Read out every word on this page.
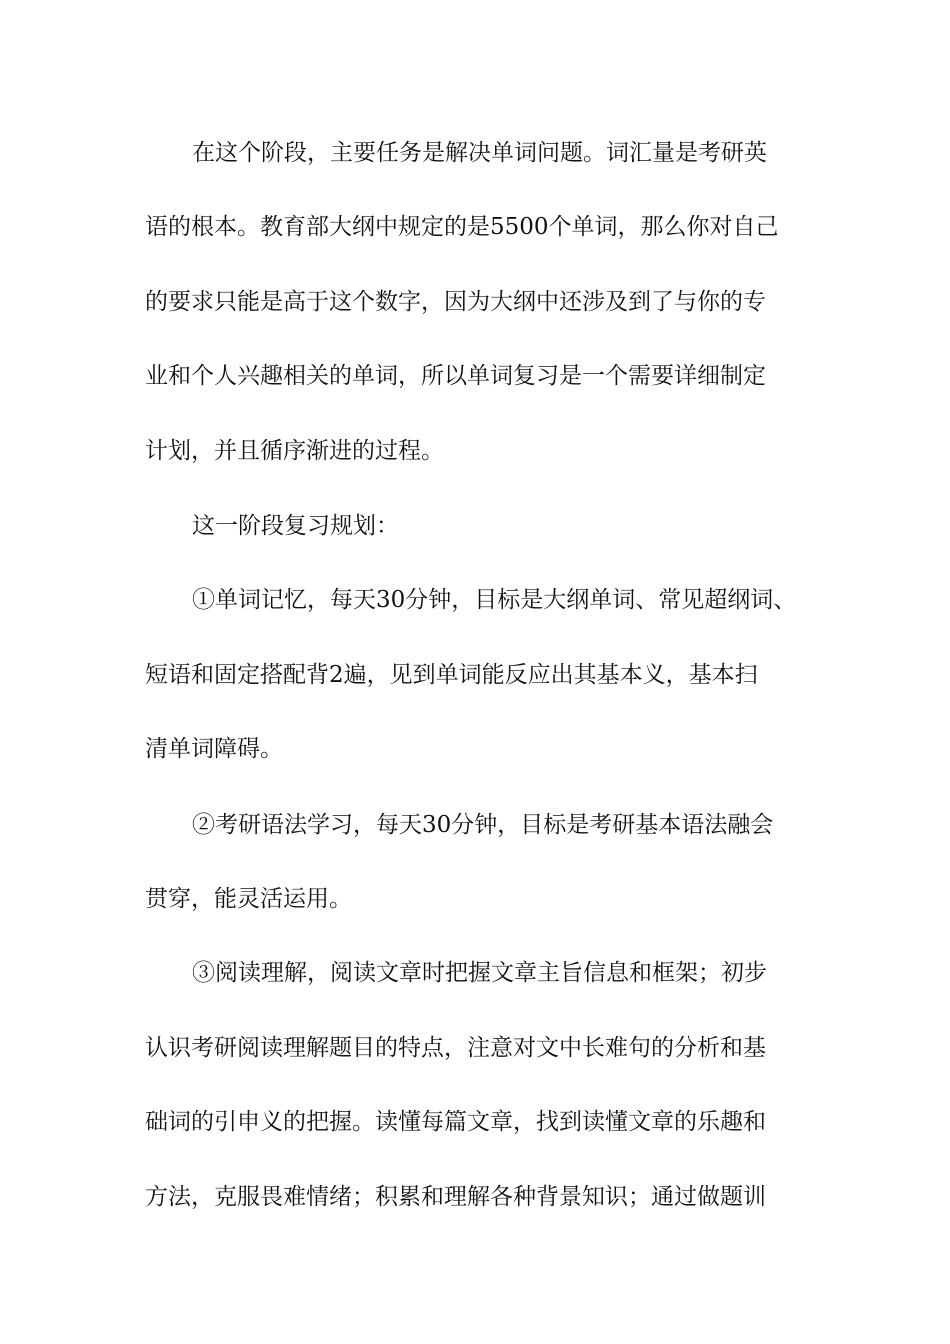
在这个阶段，主要任务是解决单词问题。词汇量是考研英
语的根本。教育部大纲中规定的是5500个单词，那么你对自己
的要求只能是高于这个数字，因为大纲中还涉及到了与你的专
业和个人兴趣相关的单词，所以单词复习是一个需要详细制定
计划，并且循序渐进的过程。
这一阶段复习规划：
①单词记忆，每天30分钟，目标是大纲单词、常见超纲词、
短语和固定搭配背2遍，见到单词能反应出其基本义，基本扫
清单词障碍。
②考研语法学习，每天30分钟，目标是考研基本语法融会
贯穿，能灵活运用。
③阅读理解，阅读文章时把握文章主旨信息和框架；初步
认识考研阅读理解题目的特点，注意对文中长难句的分析和基
础词的引申义的把握。读懂每篇文章，找到读懂文章的乐趣和
方法，克服畏难情绪；积累和理解各种背景知识；通过做题训
